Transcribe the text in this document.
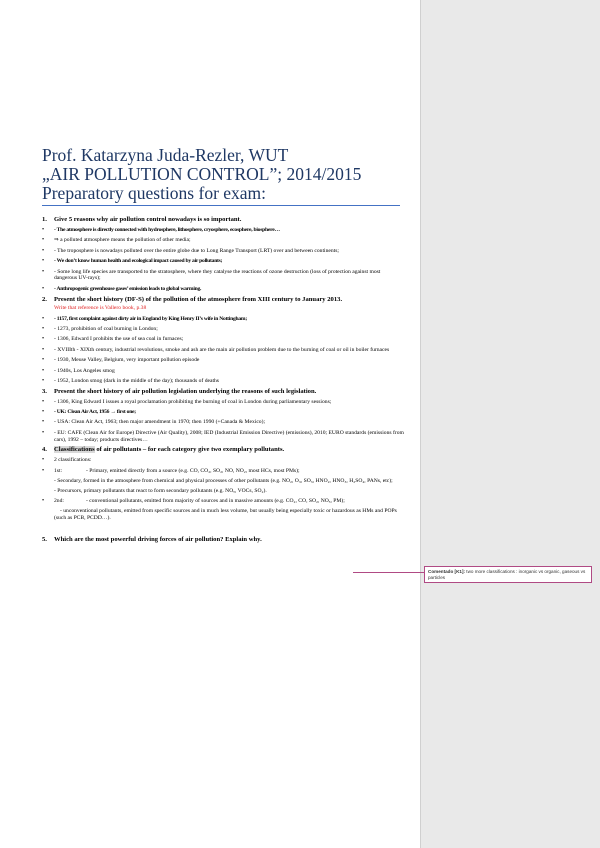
Prof. Katarzyna Juda-Rezler, WUT
„AIR POLLUTION CONTROL”; 2014/2015
Preparatory questions for exam:
1.	Give 5 reasons why air pollution control nowadays is so important.
•	- The atmosphere is directly connected with hydrosphere, lithosphere, cryosphere, ecosphere, biosphere…
•	⇒ a polluted atmosphere means the pollution of other media;
•	- The troposphere is nowadays polluted over the entire globe due to Long Range Transport (LRT) over and between continents;
•	- We don’t know human health and ecological impact caused by air pollutants;
•	- Some long life species are transported to the stratosphere, where they catalyse the reactions of ozone destruction (loss of protection against most dangerous UV-rays);
•	- Anthropogenic greenhouse gases’ emission leads to global warming.
2.	Present the short history (DF-S) of the pollution of the atmosphere from XIII century to January 2013.
Write that reference is Vallero book, p.38
•	- 1157, first complaint against dirty air in England by King Henry II’s wife in Nottingham;
•	- 1273, prohibition of coal burning in London;
•	- 1306, Edward I prohibits the use of sea coal in furnaces;
•	- XVIIIth - XIXth century, industrial revolutions, smoke and ash are the main air pollution problem due to the burning of coal or oil in boiler furnaces
•	- 1930, Meuse Valley, Belgium, very important pollution episode
•	- 1940s, Los Angeles smog
•	- 1952, London smog (dark in the middle of the day); thousands of deaths
3.	Present the short history of air pollution legislation underlying the reasons of such legislation.
•	- 1306, King Edward I issues a royal proclamation prohibiting the burning of coal in London during parliamentary sessions;
•	- UK: Clean Air Act, 1956 → first one;
•	- USA: Clean Air Act, 1963; then major amendment in 1970; then 1990 (+Canada & Mexico);
•	- EU: CAFE (Clean Air for Europe) Directive (Air Quality), 2008; IED (Industrial Emission Directive) (emissions), 2010; EURO standards (emissions from cars), 1992 – today; products directives…
4.	Classifications of air pollutants – for each category give two exemplary pollutants.
•	2 classifications:
•	1st:	- Primary, emitted directly from a source (e.g. CO, CO₂, SO₂, NO, NO₂, most HCs, most PMs);
- Secondary, formed in the atmosphere from chemical and physical processes of other pollutants (e.g. NO₂, O₃, SO₃, HNO₂, HNO₃, H₂SO₄, PANs, etc);
- Precursors, primary pollutants that react to form secondary pollutants (e.g. NOₓ, VOCs, SO₂).
•	2nd:	- conventional pollutants, emitted from majority of sources and in massive amounts (e.g. CO₂, CO, SO₂, NOₓ, PM);
- unconventional pollutants, emitted from specific sources and in much less volume, but usually being especially toxic or hazardous as HMs and POPs (such as PCB, PCDD…).
5.	Which are the most powerful driving forces of air pollution? Explain why.
Comentado [K1]: two more classifications : inorganic vs organic, gaseous vs particles
